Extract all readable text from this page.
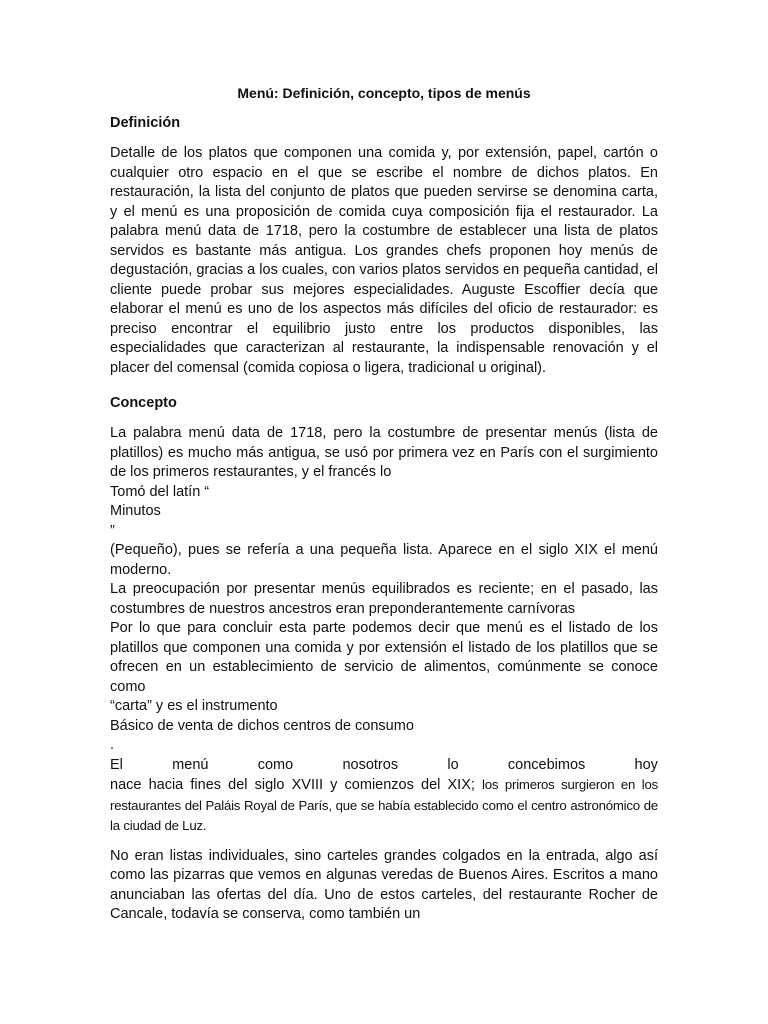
Menú: Definición, concepto, tipos de menús

Definición

Detalle de los platos que componen una comida y, por extensión, papel, cartón o cualquier otro espacio en el que se escribe el nombre de dichos platos. En restauración, la lista del conjunto de platos que pueden servirse se denomina carta, y el menú es una proposición de comida cuya composición fija el restaurador. La palabra menú data de 1718, pero la costumbre de establecer una lista de platos servidos es bastante más antigua. Los grandes chefs proponen hoy menús de degustación, gracias a los cuales, con varios platos servidos en pequeña cantidad, el cliente puede probar sus mejores especialidades. Auguste Escoffier decía que elaborar el menú es uno de los aspectos más difíciles del oficio de restaurador: es preciso encontrar el equilibrio justo entre los productos disponibles, las especialidades que caracterizan al restaurante, la indispensable renovación y el placer del comensal (comida copiosa o ligera, tradicional u original).

Concepto

La palabra menú data de 1718, pero la costumbre de presentar menús (lista de platillos) es mucho más antigua, se usó por primera vez en París con el surgimiento de los primeros restaurantes, y el francés lo

Tomó del latín “

Minutos

”

(Pequeño), pues se refería a una pequeña lista. Aparece en el siglo XIX el menú moderno.

La preocupación por presentar menús equilibrados es reciente; en el pasado, las costumbres de nuestros ancestros eran preponderantemente carnívoras

Por lo que para concluir esta parte podemos decir que menú es el listado de los platillos que componen una comida y por extensión el listado de los platillos que se ofrecen en un establecimiento de servicio de alimentos, comúnmente se conoce como

“carta” y es el instrumento

Básico de venta de dichos centros de consumo

.

El	menú	como	nosotros	lo	concebimos	hoy

nace hacia fines del siglo XVIII y comienzos del XIX; los primeros surgieron en los restaurantes del Paláis Royal de París, que se había establecido como el centro astronómico de la ciudad de Luz.

No eran listas individuales, sino carteles grandes colgados en la entrada, algo así como las pizarras que vemos en algunas veredas de Buenos Aires. Escritos a mano anunciaban las ofertas del día. Uno de estos carteles, del restaurante Rocher de Cancale, todavía se conserva, como también un
